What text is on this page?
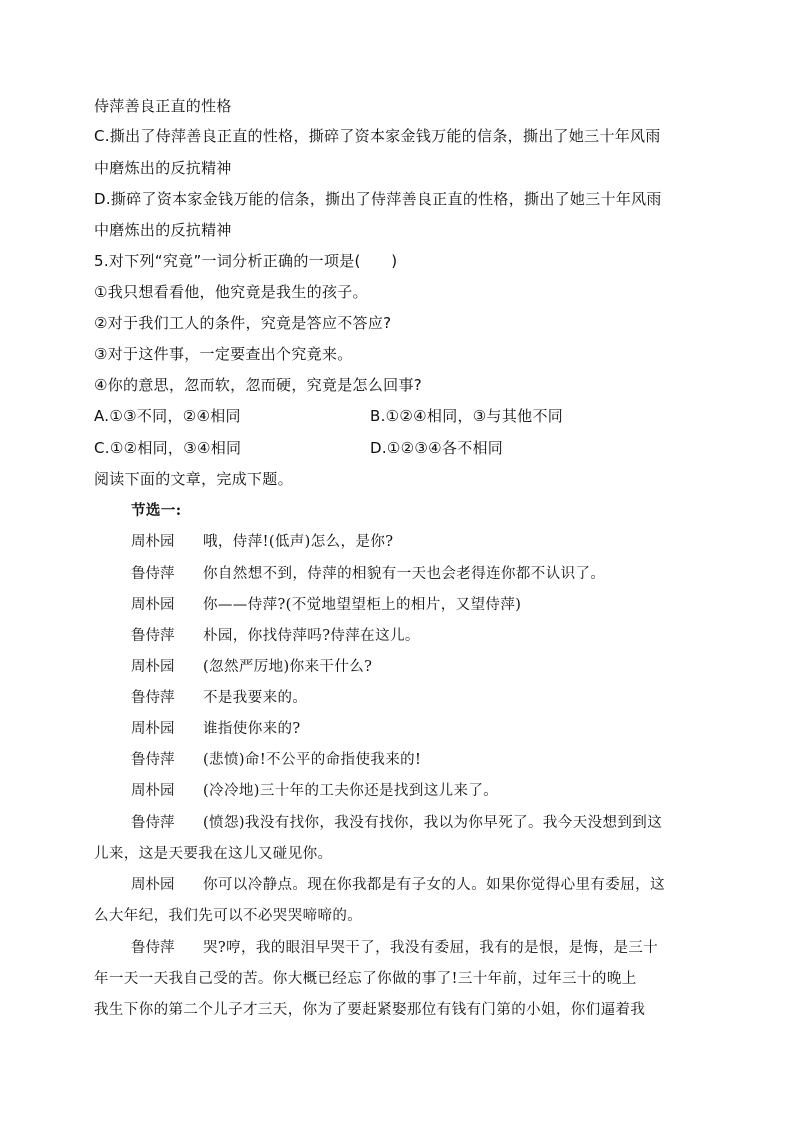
侍萍善良正直的性格
C.撕出了侍萍善良正直的性格，撕碎了资本家金钱万能的信条，撕出了她三十年风雨
中磨炼出的反抗精神
D.撕碎了资本家金钱万能的信条，撕出了侍萍善良正直的性格，撕出了她三十年风雨
中磨炼出的反抗精神
5.对下列“究竟”一词分析正确的一项是(　　)
①我只想看看他，他究竟是我生的孩子。
②对于我们工人的条件，究竟是答应不答应?
③对于这件事，一定要查出个究竟来。
④你的意思，忽而软，忽而硬，究竟是怎么回事?
A.①③不同，②④相同	B.①②④相同，③与其他不同
C.①②相同，③④相同	D.①②③④各不相同
阅读下面的文章，完成下题。
节选一:
周朴园 哦，侍萍!(低声)怎么，是你?
鲁侍萍 你自然想不到，侍萍的相貌有一天也会老得连你都不认识了。
周朴园 你——侍萍?(不觉地望望柜上的相片，又望侍萍)
鲁侍萍 朴园，你找侍萍吗?侍萍在这儿。
周朴园 (忽然严厉地)你来干什么?
鲁侍萍 不是我要来的。
周朴园 谁指使你来的?
鲁侍萍 (悲愤)命!不公平的命指使我来的!
周朴园 (冷冷地)三十年的工夫你还是找到这儿来了。
鲁侍萍 (愤怨)我没有找你，我没有找你，我以为你早死了。我今天没想到到这
儿来，这是天要我在这儿又碰见你。
周朴园 你可以冷静点。现在你我都是有子女的人。如果你觉得心里有委屈，这
么大年纪，我们先可以不必哭哭啼啼的。
鲁侍萍 哭?哼，我的眼泪早哭干了，我没有委屈，我有的是恨，是悔，是三十
年一天一天我自己受的苦。你大概已经忘了你做的事了!三十年前，过年三十的晚上
我生下你的第二个儿子才三天，你为了要赶紧娶那位有钱有门第的小姐，你们逼着我
